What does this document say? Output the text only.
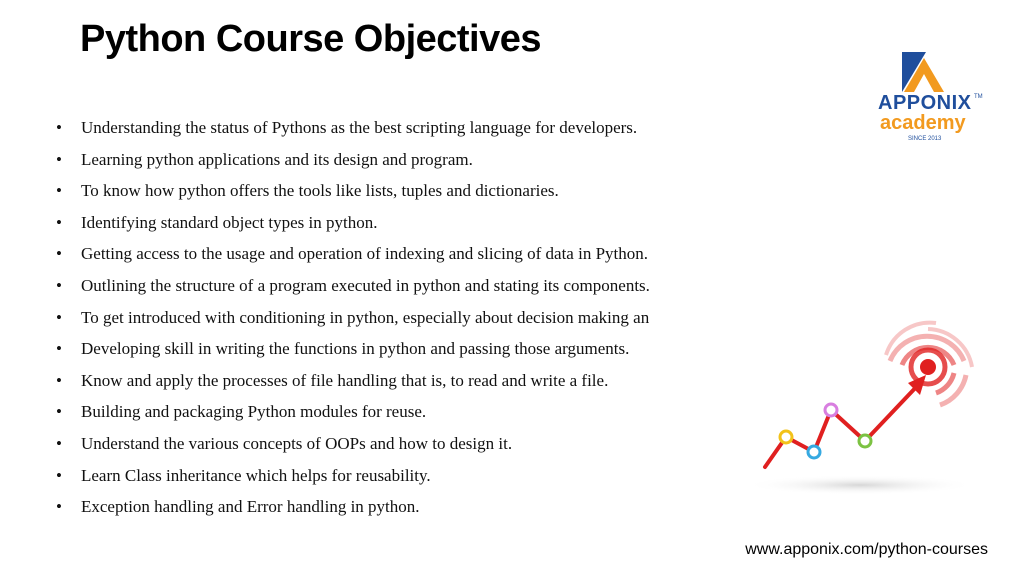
Python Course Objectives
APPONIX TM
academy
SINCE 2013
•	Understanding the status of Pythons as the best scripting language for developers.
•	Learning python applications and its design and program.
•	To know how python offers the tools like lists, tuples and dictionaries.
•	Identifying standard object types in python.
•	Getting access to the usage and operation of indexing and slicing of data in Python.
•	Outlining the structure of a program executed in python and stating its components.
•	To get introduced with conditioning in python, especially about decision making an
•	Developing skill in writing the functions in python and passing those arguments.
•	Know and apply the processes of file handling that is, to read and write a file.
•	Building and packaging Python modules for reuse.
•	Understand the various concepts of OOPs and how to design it.
•	Learn Class inheritance which helps for reusability.
•	Exception handling and Error handling in python.
www.apponix.com/python-courses
